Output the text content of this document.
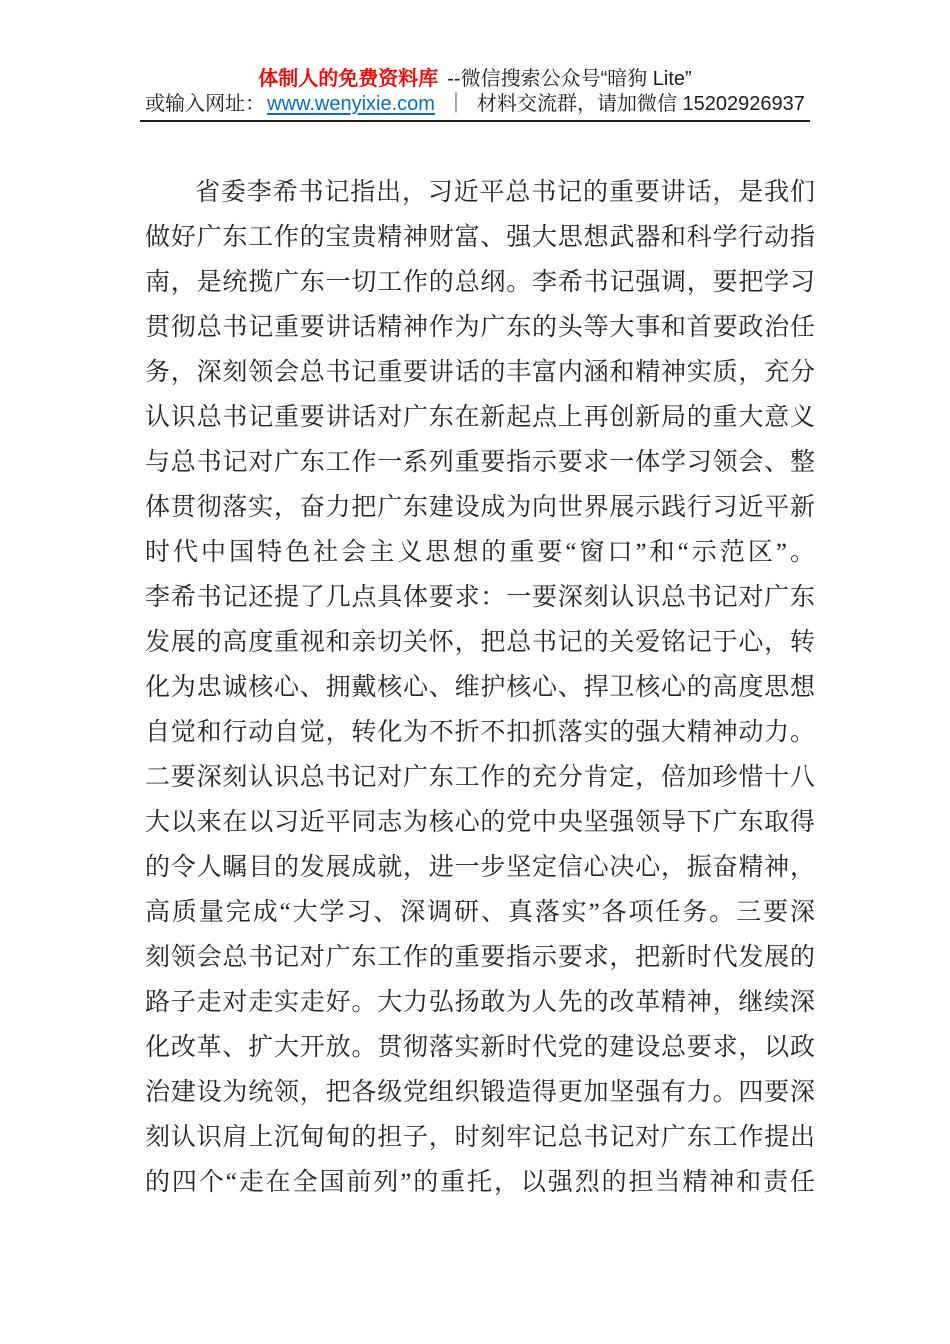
体制人的免费资料库 --微信搜索公众号“暗狗 Lite”
或输入网址： www.wenyixie.com ｜ 材料交流群，请加微信 15202926937
省委李希书记指出，习近平总书记的重要讲话，是我们
做好广东工作的宝贵精神财富、强大思想武器和科学行动指
南，是统揽广东一切工作的总纲。李希书记强调，要把学习
贯彻总书记重要讲话精神作为广东的头等大事和首要政治任
务，深刻领会总书记重要讲话的丰富内涵和精神实质，充分
认识总书记重要讲话对广东在新起点上再创新局的重大意义
与总书记对广东工作一系列重要指示要求一体学习领会、整
体贯彻落实，奋力把广东建设成为向世界展示践行习近平新
时代中国特色社会主义思想的重要“窗口”和“示范区”。
李希书记还提了几点具体要求：一要深刻认识总书记对广东
发展的高度重视和亲切关怀，把总书记的关爱铭记于心，转
化为忠诚核心、拥戴核心、维护核心、捍卫核心的高度思想
自觉和行动自觉，转化为不折不扣抓落实的强大精神动力。
二要深刻认识总书记对广东工作的充分肯定，倍加珍惜十八
大以来在以习近平同志为核心的党中央坚强领导下广东取得
的令人瞩目的发展成就，进一步坚定信心决心，振奋精神，
高质量完成“大学习、深调研、真落实”各项任务。三要深
刻领会总书记对广东工作的重要指示要求，把新时代发展的
路子走对走实走好。大力弘扬敢为人先的改革精神，继续深
化改革、扩大开放。贯彻落实新时代党的建设总要求，以政
治建设为统领，把各级党组织锻造得更加坚强有力。四要深
刻认识肩上沉甸甸的担子，时刻牢记总书记对广东工作提出
的四个“走在全国前列”的重托，以强烈的担当精神和责任
